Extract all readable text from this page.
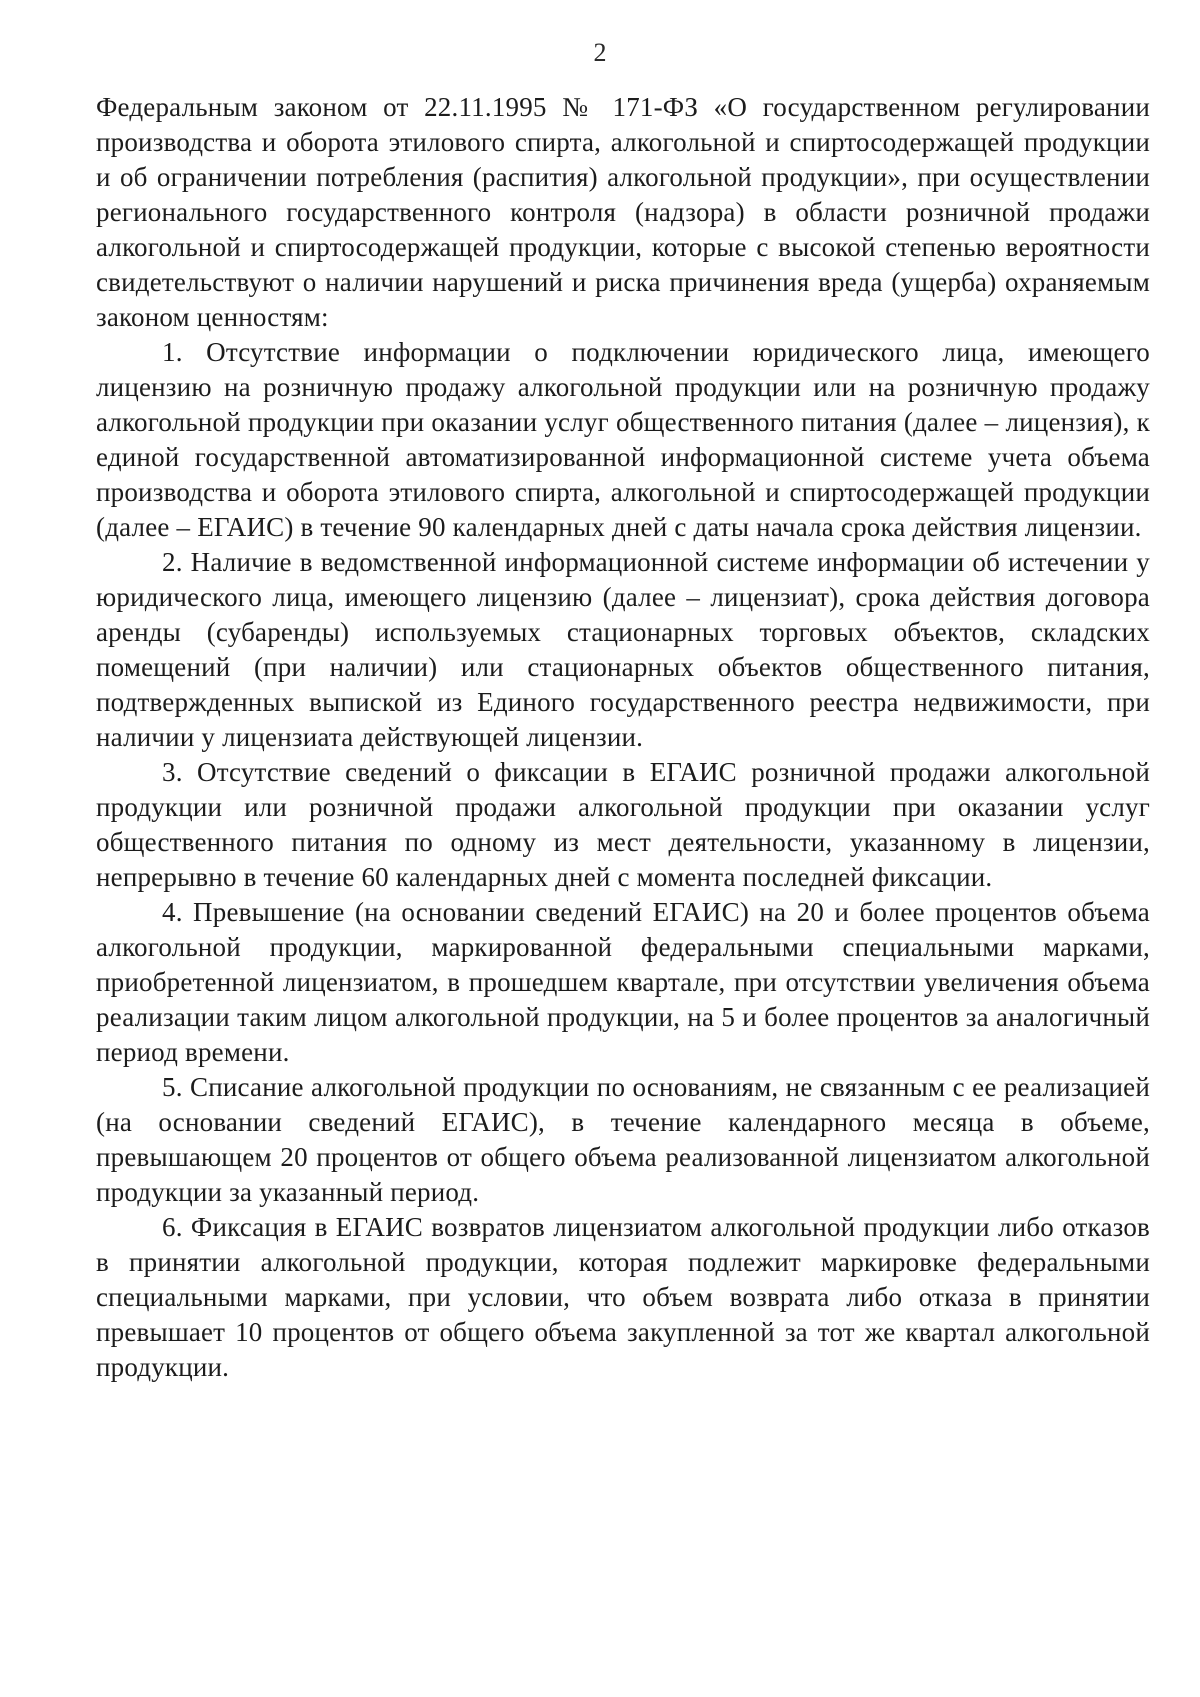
2

Федеральным законом от 22.11.1995 № 171-ФЗ «О государственном регулировании производства и оборота этилового спирта, алкогольной и спиртосодержащей продукции и об ограничении потребления (распития) алкогольной продукции», при осуществлении регионального государственного контроля (надзора) в области розничной продажи алкогольной и спиртосодержащей продукции, которые с высокой степенью вероятности свидетельствуют о наличии нарушений и риска причинения вреда (ущерба) охраняемым законом ценностям:

1. Отсутствие информации о подключении юридического лица, имеющего лицензию на розничную продажу алкогольной продукции или на розничную продажу алкогольной продукции при оказании услуг общественного питания (далее – лицензия), к единой государственной автоматизированной информационной системе учета объема производства и оборота этилового спирта, алкогольной и спиртосодержащей продукции (далее – ЕГАИС) в течение 90 календарных дней с даты начала срока действия лицензии.

2. Наличие в ведомственной информационной системе информации об истечении у юридического лица, имеющего лицензию (далее – лицензиат), срока действия договора аренды (субаренды) используемых стационарных торговых объектов, складских помещений (при наличии) или стационарных объектов общественного питания, подтвержденных выпиской из Единого государственного реестра недвижимости, при наличии у лицензиата действующей лицензии.

3. Отсутствие сведений о фиксации в ЕГАИС розничной продажи алкогольной продукции или розничной продажи алкогольной продукции при оказании услуг общественного питания по одному из мест деятельности, указанному в лицензии, непрерывно в течение 60 календарных дней с момента последней фиксации.

4. Превышение (на основании сведений ЕГАИС) на 20 и более процентов объема алкогольной продукции, маркированной федеральными специальными марками, приобретенной лицензиатом, в прошедшем квартале, при отсутствии увеличения объема реализации таким лицом алкогольной продукции, на 5 и более процентов за аналогичный период времени.

5. Списание алкогольной продукции по основаниям, не связанным с ее реализацией (на основании сведений ЕГАИС), в течение календарного месяца в объеме, превышающем 20 процентов от общего объема реализованной лицензиатом алкогольной продукции за указанный период.

6. Фиксация в ЕГАИС возвратов лицензиатом алкогольной продукции либо отказов в принятии алкогольной продукции, которая подлежит маркировке федеральными специальными марками, при условии, что объем возврата либо отказа в принятии превышает 10 процентов от общего объема закупленной за тот же квартал алкогольной продукции.
